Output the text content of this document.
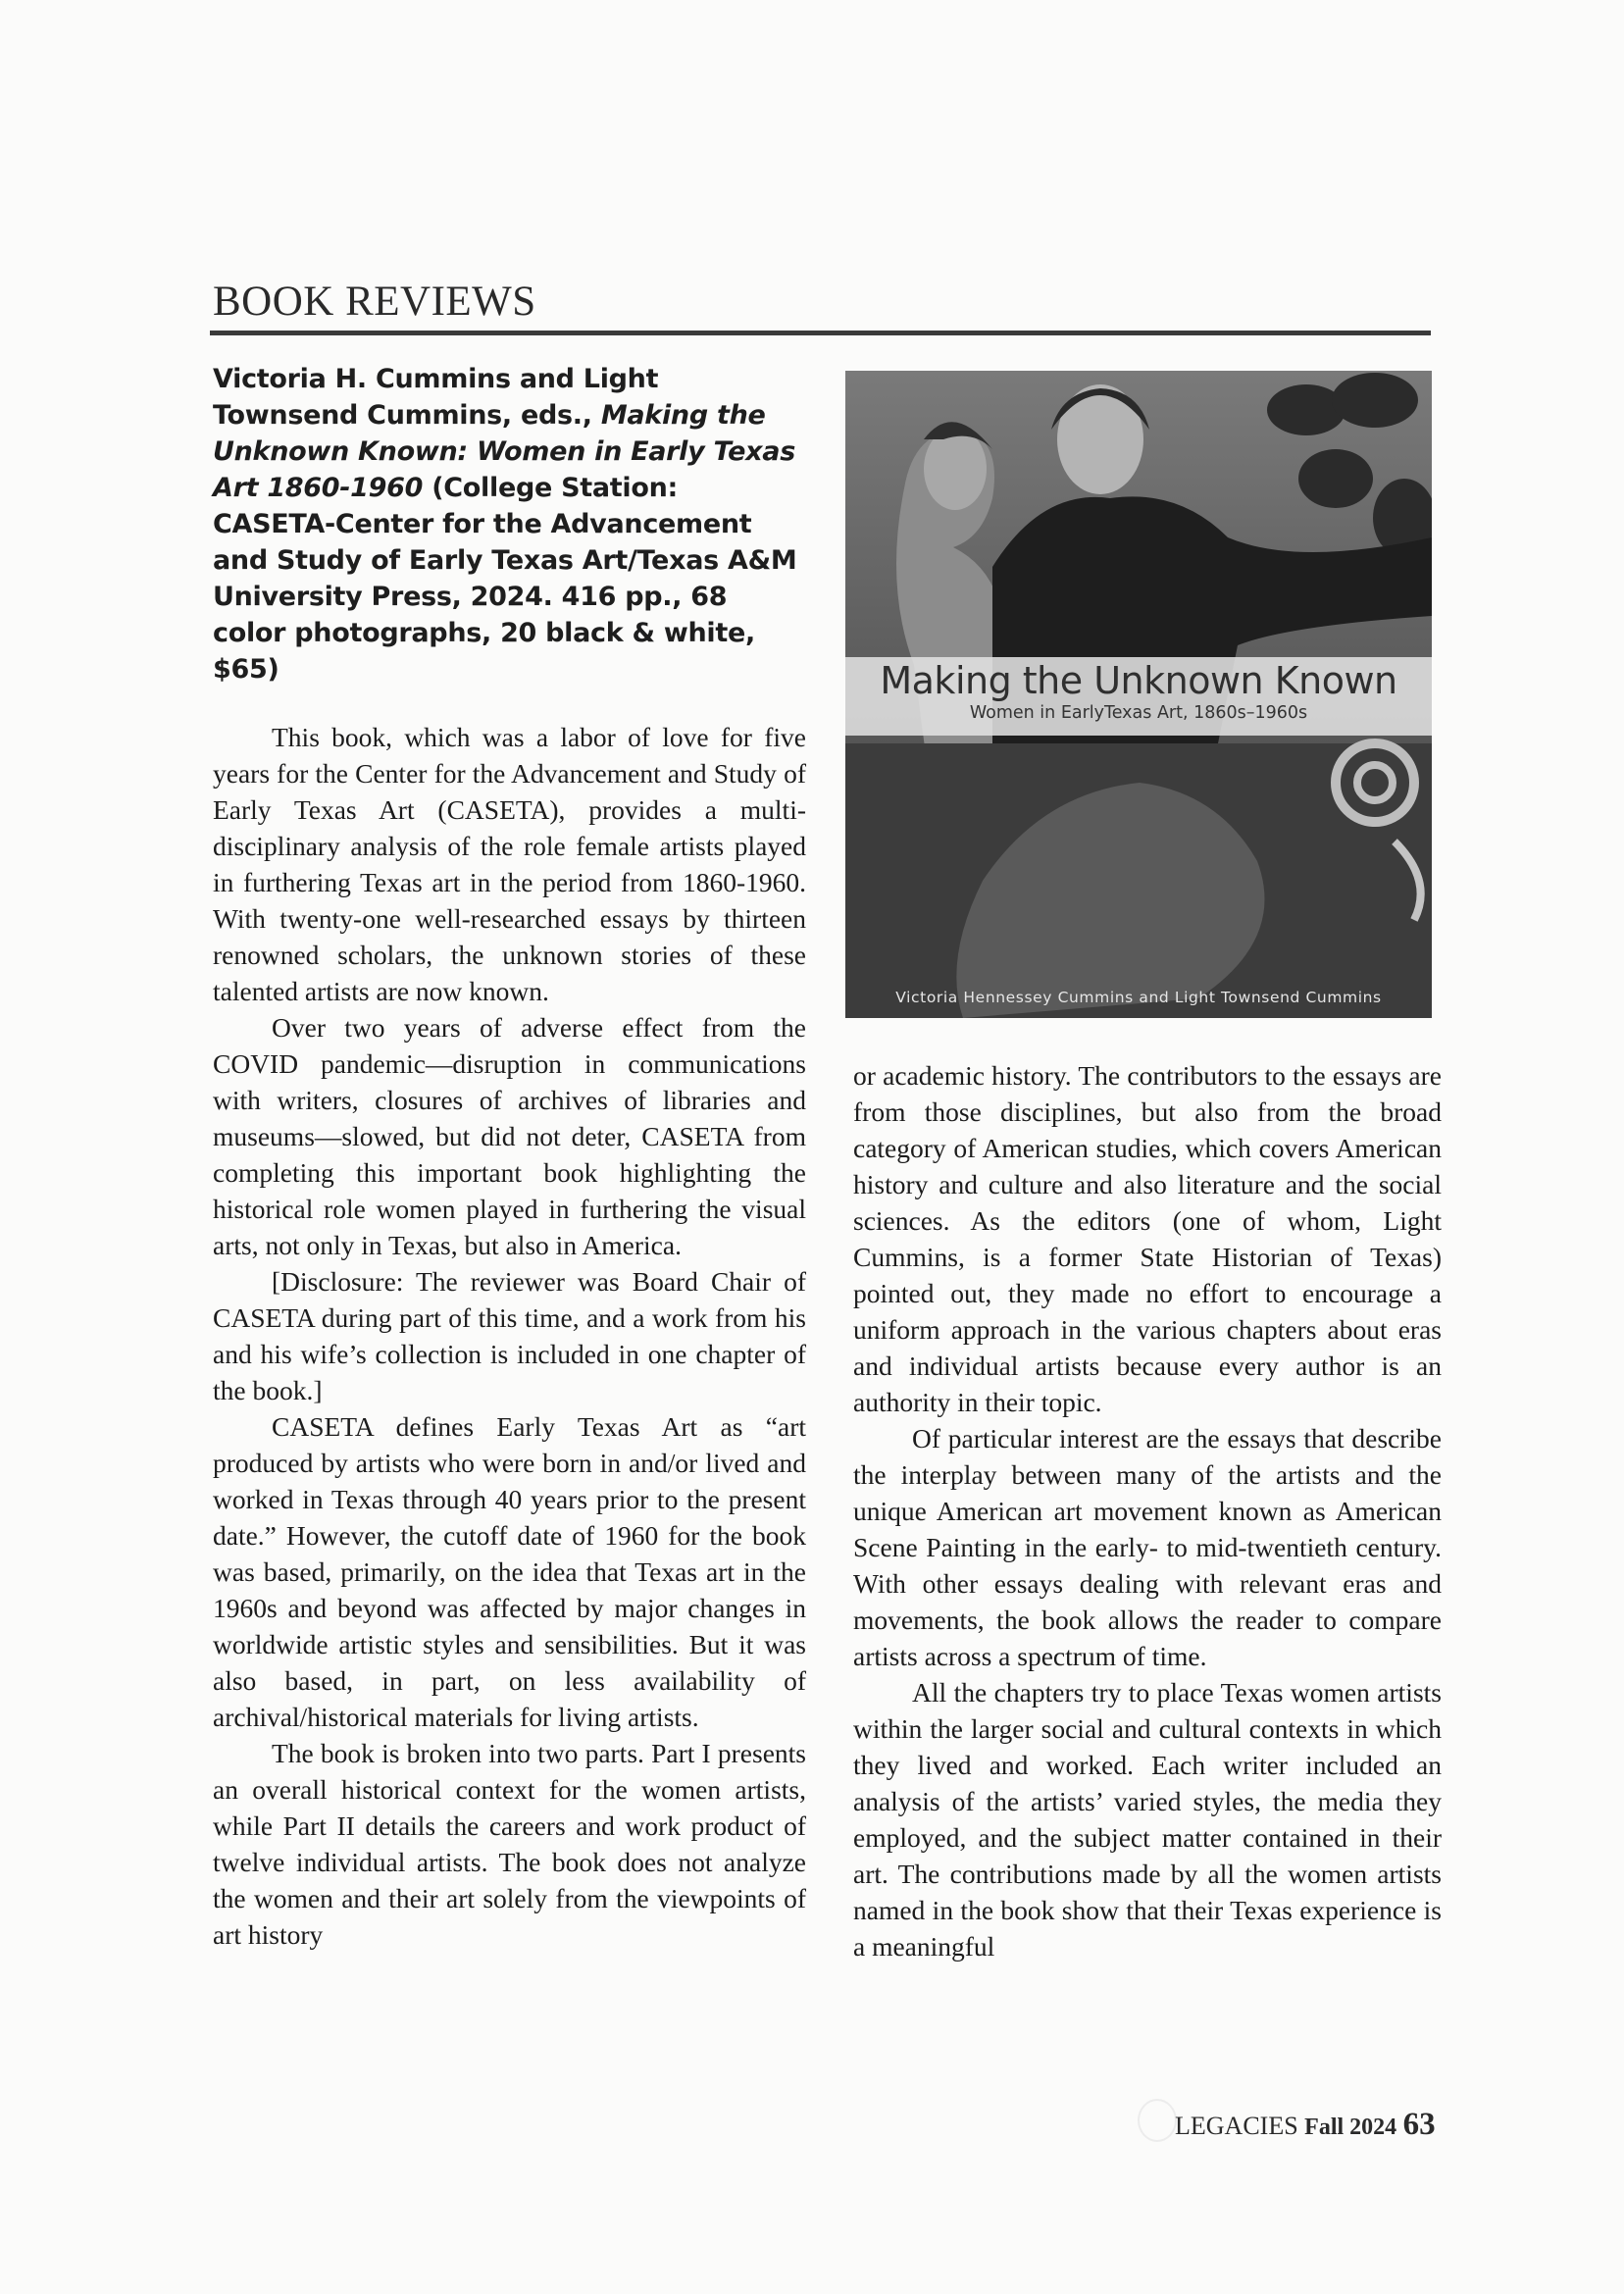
BOOK REVIEWS

Victoria H. Cummins and Light Townsend Cummins, eds., Making the Unknown Known: Women in Early Texas Art 1860-1960 (College Station: CASETA-Center for the Advancement and Study of Early Texas Art/Texas A&M University Press, 2024. 416 pp., 68 color photographs, 20 black & white, $65)

This book, which was a labor of love for five years for the Center for the Advancement and Study of Early Texas Art (CASETA), provides a multi-disciplinary analysis of the role female artists played in furthering Texas art in the period from 1860-1960. With twenty-one well-researched essays by thirteen renowned scholars, the unknown stories of these talented artists are now known.

Over two years of adverse effect from the COVID pandemic—disruption in communications with writers, closures of archives of libraries and museums—slowed, but did not deter, CASETA from completing this important book highlighting the historical role women played in furthering the visual arts, not only in Texas, but also in America.

[Disclosure: The reviewer was Board Chair of CASETA during part of this time, and a work from his and his wife’s collection is included in one chapter of the book.]

CASETA defines Early Texas Art as “art produced by artists who were born in and/or lived and worked in Texas through 40 years prior to the present date.” However, the cutoff date of 1960 for the book was based, primarily, on the idea that Texas art in the 1960s and beyond was affected by major changes in worldwide artistic styles and sensibilities. But it was also based, in part, on less availability of archival/historical materials for living artists.

The book is broken into two parts. Part I presents an overall historical context for the women artists, while Part II details the careers and work product of twelve individual artists. The book does not analyze the women and their art solely from the viewpoints of art history

Making the Unknown Known
Women in EarlyTexas Art, 1860s–1960s
Victoria Hennessey Cummins and Light Townsend Cummins

or academic history. The contributors to the essays are from those disciplines, but also from the broad category of American studies, which covers American history and culture and also literature and the social sciences. As the editors (one of whom, Light Cummins, is a former State Historian of Texas) pointed out, they made no effort to encourage a uniform approach in the various chapters about eras and individual artists because every author is an authority in their topic.

Of particular interest are the essays that describe the interplay between many of the artists and the unique American art movement known as American Scene Painting in the early- to mid-twentieth century. With other essays dealing with relevant eras and movements, the book allows the reader to compare artists across a spectrum of time.

All the chapters try to place Texas women artists within the larger social and cultural contexts in which they lived and worked. Each writer included an analysis of the artists’ varied styles, the media they employed, and the subject matter contained in their art. The contributions made by all the women artists named in the book show that their Texas experience is a meaningful

LEGACIES Fall 2024 63
